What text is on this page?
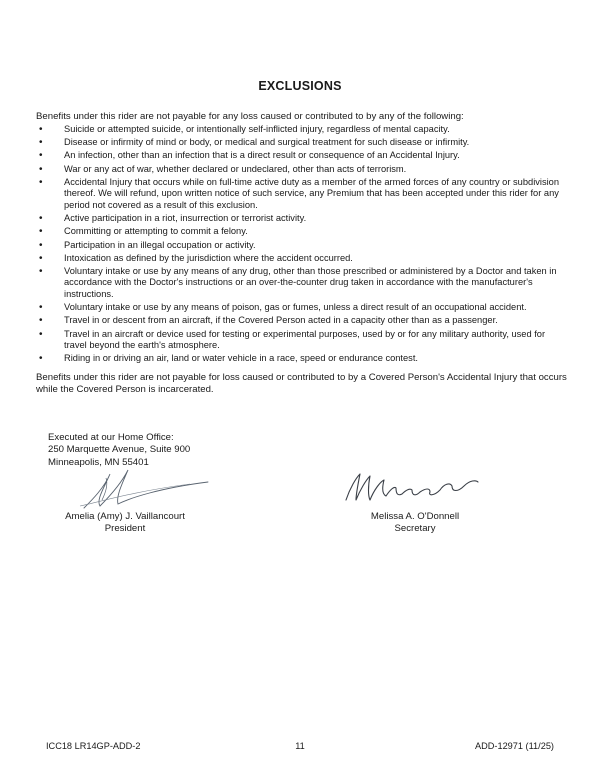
EXCLUSIONS
Benefits under this rider are not payable for any loss caused or contributed to by any of the following:
• Suicide or attempted suicide, or intentionally self-inflicted injury, regardless of mental capacity.
• Disease or infirmity of mind or body, or medical and surgical treatment for such disease or infirmity.
• An infection, other than an infection that is a direct result or consequence of an Accidental Injury.
• War or any act of war, whether declared or undeclared, other than acts of terrorism.
• Accidental Injury that occurs while on full-time active duty as a member of the armed forces of any country or subdivision thereof. We will refund, upon written notice of such service, any Premium that has been accepted under this rider for any period not covered as a result of this exclusion.
• Active participation in a riot, insurrection or terrorist activity.
• Committing or attempting to commit a felony.
• Participation in an illegal occupation or activity.
• Intoxication as defined by the jurisdiction where the accident occurred.
• Voluntary intake or use by any means of any drug, other than those prescribed or administered by a Doctor and taken in accordance with the Doctor's instructions or an over-the-counter drug taken in accordance with the manufacturer's instructions.
• Voluntary intake or use by any means of poison, gas or fumes, unless a direct result of an occupational accident.
• Travel in or descent from an aircraft, if the Covered Person acted in a capacity other than as a passenger.
• Travel in an aircraft or device used for testing or experimental purposes, used by or for any military authority, used for travel beyond the earth's atmosphere.
• Riding in or driving an air, land or water vehicle in a race, speed or endurance contest.
Benefits under this rider are not payable for loss caused or contributed to by a Covered Person's Accidental Injury that occurs while the Covered Person is incarcerated.
Executed at our Home Office:
250 Marquette Avenue, Suite 900
Minneapolis, MN 55401
Amelia (Amy) J. Vaillancourt
President
Melissa A. O'Donnell
Secretary
ICC18 LR14GP-ADD-2	11	ADD-12971 (11/25)
